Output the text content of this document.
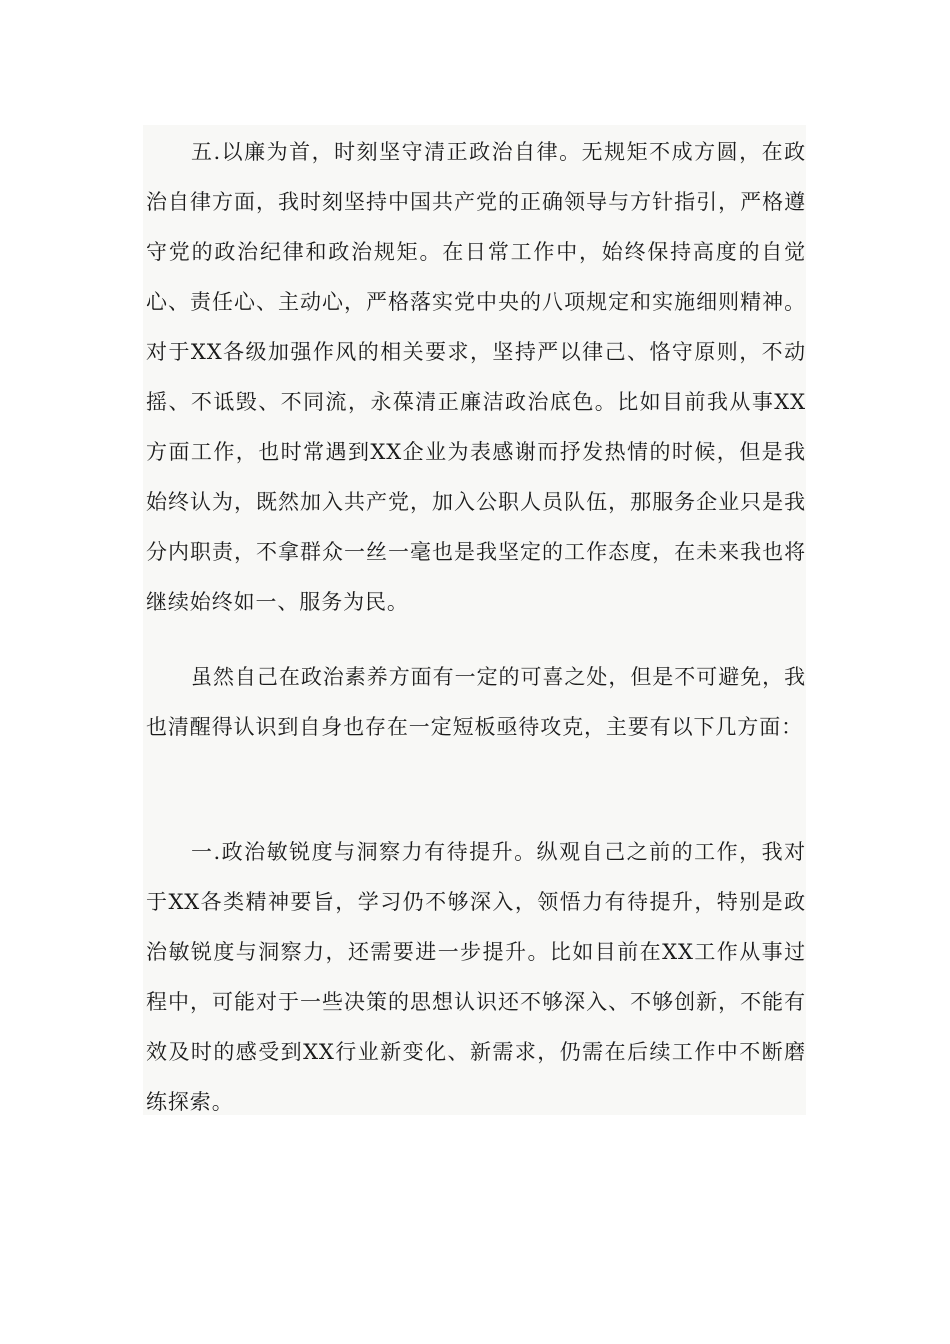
五.以廉为首，时刻坚守清正政治自律。无规矩不成方圆，在政治自律方面，我时刻坚持中国共产党的正确领导与方针指引，严格遵守党的政治纪律和政治规矩。在日常工作中，始终保持高度的自觉心、责任心、主动心，严格落实党中央的八项规定和实施细则精神。对于XX各级加强作风的相关要求，坚持严以律己、恪守原则，不动摇、不诋毁、不同流，永葆清正廉洁政治底色。比如目前我从事XX方面工作，也时常遇到XX企业为表感谢而抒发热情的时候，但是我始终认为，既然加入共产党，加入公职人员队伍，那服务企业只是我分内职责，不拿群众一丝一毫也是我坚定的工作态度，在未来我也将继续始终如一、服务为民。

虽然自己在政治素养方面有一定的可喜之处，但是不可避免，我也清醒得认识到自身也存在一定短板亟待攻克，主要有以下几方面：

一.政治敏锐度与洞察力有待提升。纵观自己之前的工作，我对于XX各类精神要旨，学习仍不够深入，领悟力有待提升，特别是政治敏锐度与洞察力，还需要进一步提升。比如目前在XX工作从事过程中，可能对于一些决策的思想认识还不够深入、不够创新，不能有效及时的感受到XX行业新变化、新需求，仍需在后续工作中不断磨练探索。
